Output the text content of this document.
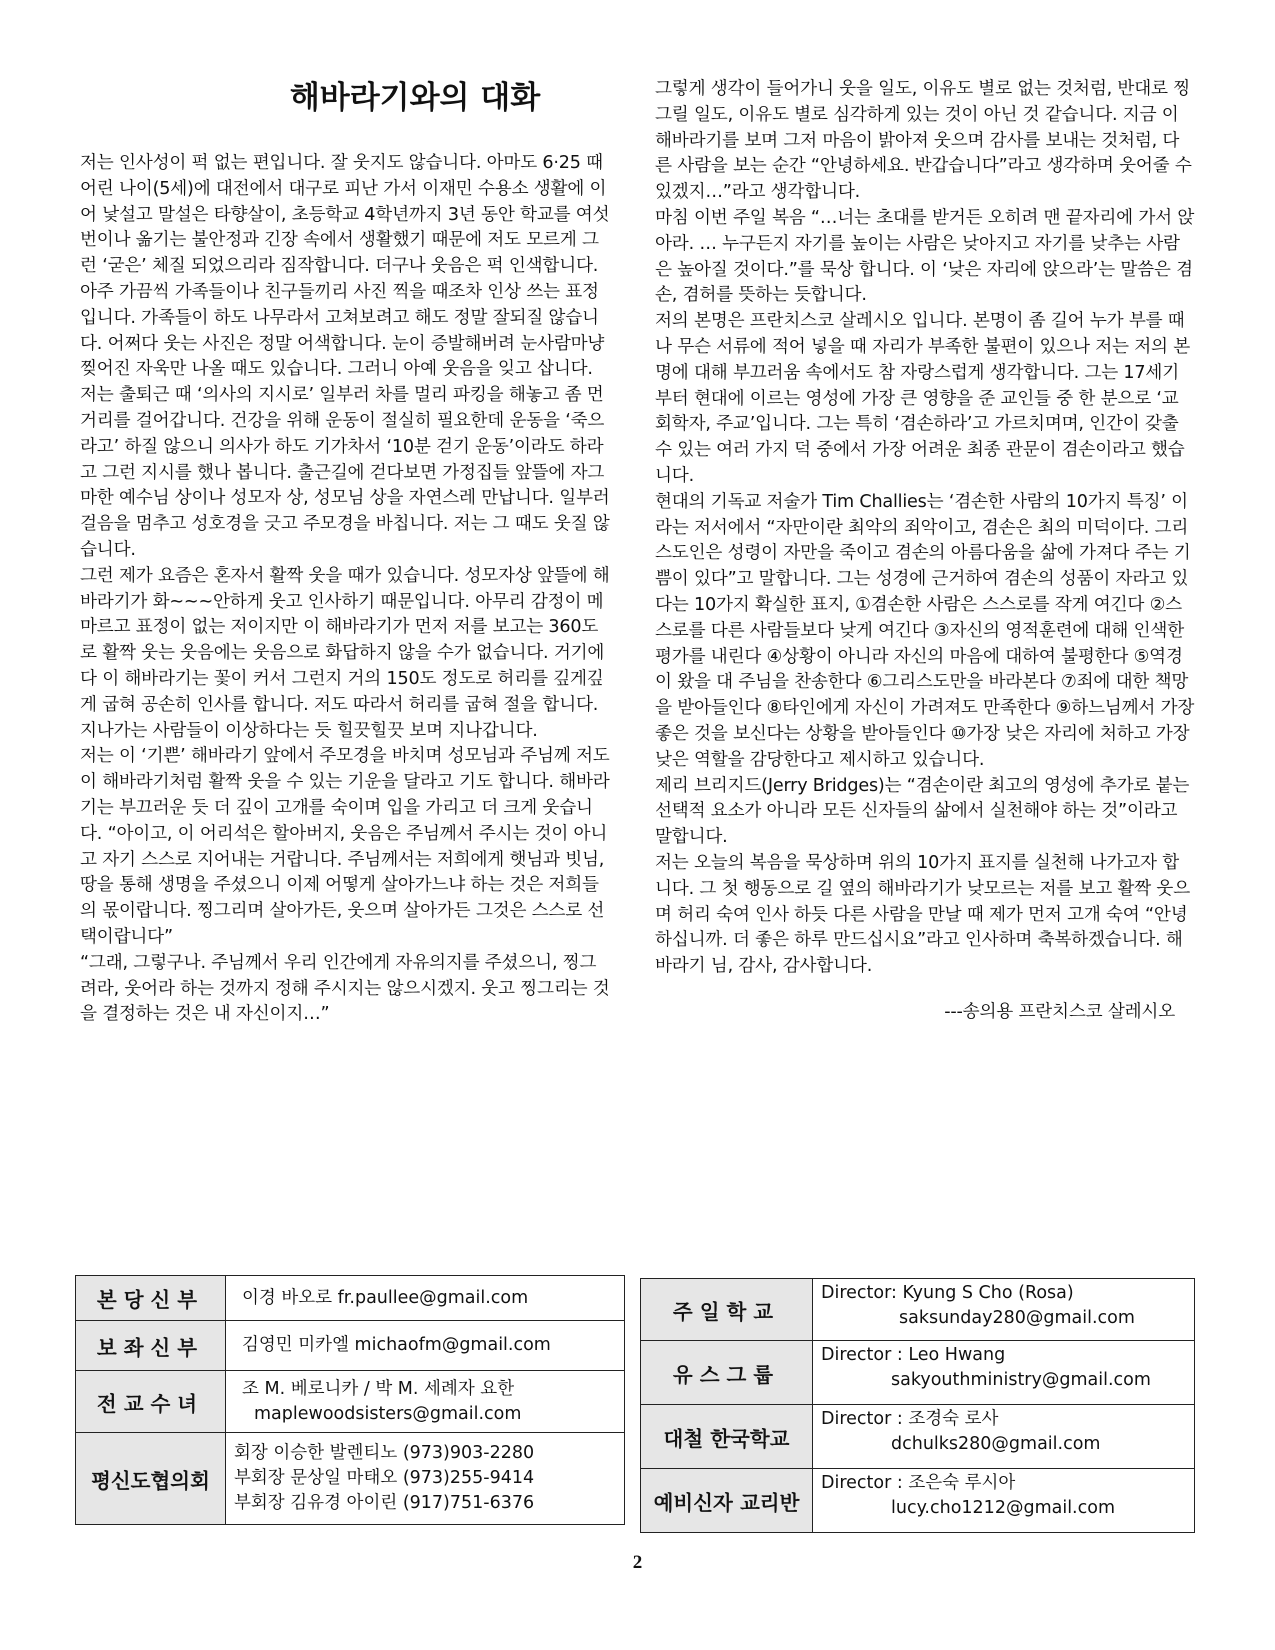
해바라기와의 대화

저는 인사성이 퍽 없는 편입니다. 잘 웃지도 않습니다. 아마도 6·25 때 어린 나이(5세)에 대전에서 대구로 피난 가서 이재민 수용소 생활에 이어 낯설고 말설은 타향살이, 초등학교 4학년까지 3년 동안 학교를 여섯 번이나 옮기는 불안정과 긴장 속에서 생활했기 때문에 저도 모르게 그런 ‘굳은’ 체질 되었으리라 짐작합니다. 더구나 웃음은 퍽 인색합니다. 아주 가끔씩 가족들이나 친구들끼리 사진 찍을 때조차 인상 쓰는 표정입니다. 가족들이 하도 나무라서 고쳐보려고 해도 정말 잘되질 않습니다. 어쩌다 웃는 사진은 정말 어색합니다. 눈이 증발해버려 눈사람마냥 찢어진 자욱만 나올 때도 있습니다. 그러니 아예 웃음을 잊고 삽니다.

저는 출퇴근 때 ‘의사의 지시로’ 일부러 차를 멀리 파킹을 해놓고 좀 먼 거리를 걸어갑니다. 건강을 위해 운동이 절실히 필요한데 운동을 ‘죽으라고’ 하질 않으니 의사가 하도 기가차서 ‘10분 걷기 운동’이라도 하라고 그런 지시를 했나 봅니다. 출근길에 걷다보면 가정집들 앞뜰에 자그마한 예수님 상이나 성모자 상, 성모님 상을 자연스레 만납니다. 일부러 걸음을 멈추고 성호경을 긋고 주모경을 바칩니다. 저는 그 때도 웃질 않습니다.

그런 제가 요즘은 혼자서 활짝 웃을 때가 있습니다. 성모자상 앞뜰에 해바라기가 화~~~안하게 웃고 인사하기 때문입니다. 아무리 감정이 메마르고 표정이 없는 저이지만 이 해바라기가 먼저 저를 보고는 360도로 활짝 웃는 웃음에는 웃음으로 화답하지 않을 수가 없습니다. 거기에다 이 해바라기는 꽃이 커서 그런지 거의 150도 정도로 허리를 깊게깊게 굽혀 공손히 인사를 합니다. 저도 따라서 허리를 굽혀 절을 합니다. 지나가는 사람들이 이상하다는 듯 힐끗힐끗 보며 지나갑니다.

저는 이 ‘기쁜’ 해바라기 앞에서 주모경을 바치며 성모님과 주님께 저도 이 해바라기처럼 활짝 웃을 수 있는 기운을 달라고 기도 합니다. 해바라기는 부끄러운 듯 더 깊이 고개를 숙이며 입을 가리고 더 크게 웃습니다. “아이고, 이 어리석은 할아버지, 웃음은 주님께서 주시는 것이 아니고 자기 스스로 지어내는 거랍니다. 주님께서는 저희에게 햇님과 빗님, 땅을 통해 생명을 주셨으니 이제 어떻게 살아가느냐 하는 것은 저희들의 몫이랍니다. 찡그리며 살아가든, 웃으며 살아가든 그것은 스스로 선택이랍니다”

“그래, 그렇구나. 주님께서 우리 인간에게 자유의지를 주셨으니, 찡그려라, 웃어라 하는 것까지 정해 주시지는 않으시겠지. 웃고 찡그리는 것을 결정하는 것은 내 자신이지…”

그렇게 생각이 들어가니 웃을 일도, 이유도 별로 없는 것처럼, 반대로 찡그릴 일도, 이유도 별로 심각하게 있는 것이 아닌 것 같습니다. 지금 이 해바라기를 보며 그저 마음이 밝아져 웃으며 감사를 보내는 것처럼, 다른 사람을 보는 순간 “안녕하세요. 반갑습니다”라고 생각하며 웃어줄 수 있겠지…”라고 생각합니다.

마침 이번 주일 복음 “…너는 초대를 받거든 오히려 맨 끝자리에 가서 앉아라. … 누구든지 자기를 높이는 사람은 낮아지고 자기를 낮추는 사람은 높아질 것이다.”를 묵상 합니다. 이 ‘낮은 자리에 앉으라’는 말씀은 겸손, 겸허를 뜻하는 듯합니다.

저의 본명은 프란치스코 살레시오 입니다. 본명이 좀 길어 누가 부를 때나 무슨 서류에 적어 넣을 때 자리가 부족한 불편이 있으나 저는 저의 본명에 대해 부끄러움 속에서도 참 자랑스럽게 생각합니다. 그는 17세기부터 현대에 이르는 영성에 가장 큰 영향을 준 교인들 중 한 분으로 ‘교회학자, 주교’입니다. 그는 특히 ‘겸손하라’고 가르치며며, 인간이 갖출 수 있는 여러 가지 덕 중에서 가장 어려운 최종 관문이 겸손이라고 했습니다.

현대의 기독교 저술가 Tim Challies는 ‘겸손한 사람의 10가지 특징’ 이라는 저서에서 “자만이란 최악의 죄악이고, 겸손은 최의 미덕이다. 그리스도인은 성령이 자만을 죽이고 겸손의 아름다움을 삶에 가져다 주는 기쁨이 있다”고 말합니다. 그는 성경에 근거하여 겸손의 성품이 자라고 있다는 10가지 확실한 표지, ①겸손한 사람은 스스로를 작게 여긴다 ②스스로를 다른 사람들보다 낮게 여긴다 ③자신의 영적훈련에 대해 인색한 평가를 내린다 ④상황이 아니라 자신의 마음에 대하여 불평한다 ⑤역경이 왔을 대 주님을 찬송한다 ⑥그리스도만을 바라본다 ⑦죄에 대한 책망을 받아들인다 ⑧타인에게 자신이 가려져도 만족한다 ⑨하느님께서 가장 좋은 것을 보신다는 상황을 받아들인다 ⑩가장 낮은 자리에 처하고 가장 낮은 역할을 감당한다고 제시하고 있습니다.

제리 브리지드(Jerry Bridges)는 “겸손이란 최고의 영성에 추가로 붙는 선택적 요소가 아니라 모든 신자들의 삶에서 실천해야 하는 것”이라고 말합니다.

저는 오늘의 복음을 묵상하며 위의 10가지 표지를 실천해 나가고자 합니다. 그 첫 행동으로 길 옆의 해바라기가 낮모르는 저를 보고 활짝 웃으며 허리 숙여 인사 하듯 다른 사람을 만날 때 제가 먼저 고개 숙여 “안녕하십니까. 더 좋은 하루 만드십시요”라고 인사하며 축복하겠습니다. 해바라기 님, 감사, 감사합니다.

---송의용 프란치스코 살레시오

본당신부	이경 바오로 fr.paullee@gmail.com

보좌신부	김영민 미카엘 michaofm@gmail.com

전교수녀	조 M. 베로니카 / 박 M. 세례자 요한
maplewoodsisters@gmail.com

평신도협의회	회장 이승한 발렌티노 (973)903-2280
부회장 문상일 마태오 (973)255-9414
부회장 김유경 아이린 (917)751-6376
주일학교	Director: Kyung S Cho (Rosa)
saksunday280@gmail.com

유스그룹	Director : Leo Hwang
sakyouthministry@gmail.com

대철 한국학교	Director : 조경숙 로사
dchulks280@gmail.com

예비신자 교리반	Director : 조은숙 루시아
lucy.cho1212@gmail.com
2
